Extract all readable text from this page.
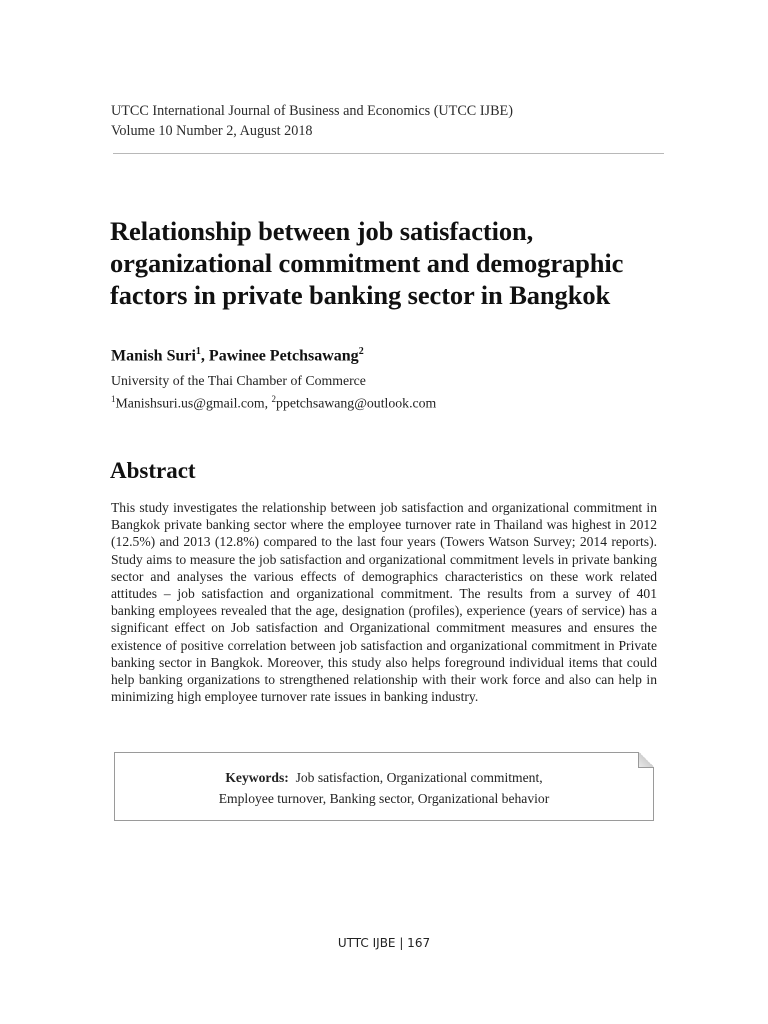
UTCC International Journal of Business and Economics (UTCC IJBE)
Volume 10 Number 2, August 2018
Relationship between job satisfaction,
organizational commitment and demographic
factors in private banking sector in Bangkok
Manish Suri$^1$, Pawinee Petchsawang$^2$
University of the Thai Chamber of Commerce
$^1$Manishsuri.us@gmail.com, $^2$ppetchsawang@outlook.com
Abstract
This study investigates the relationship between job satisfaction and organizational commitment in Bangkok private banking sector where the employee turnover rate in Thailand was highest in 2012 (12.5%) and 2013 (12.8%) compared to the last four years (Towers Watson Survey; 2014 reports). Study aims to measure the job satisfaction and organizational commitment levels in private banking sector and analyses the various effects of demographics characteristics on these work related attitudes – job satisfaction and organizational commitment. The results from a survey of 401 banking employees revealed that the age, designation (profiles), experience (years of service) has a significant effect on Job satisfaction and Organizational commitment measures and ensures the existence of positive correlation between job satisfaction and organizational commitment in Private banking sector in Bangkok. Moreover, this study also helps foreground individual items that could help banking organizations to strengthened relationship with their work force and also can help in minimizing high employee turnover rate issues in banking industry.
Keywords: Job satisfaction, Organizational commitment,
Employee turnover, Banking sector, Organizational behavior
UTTC IJBE | 167
